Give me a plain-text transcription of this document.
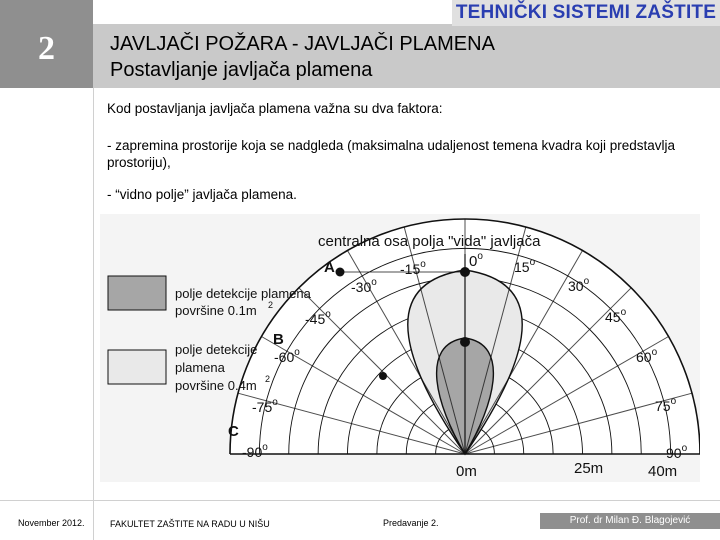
2
TEHNIČKI SISTEMI ZAŠTITE
JAVLJAČI POŽARA - JAVLJAČI PLAMENA
Postavljanje javljača plamena
Kod postavljanja javljača plamena važna su dva faktora:
- zapremina prostorije koja se nadgleda (maksimalna udaljenost temena kvadra koji predstavlja prostoriju),
- “vidno polje” javljača plamena.
centralna osa polja "vida" javljača
polje detekcije plamena
površine 0.1m 2
polje detekcije
plamena
površine 0.4m 2
A
B
C
0$^o$
-15$^o$	15$^o$
-30$^o$	30$^o$
-45$^o$	45$^o$
-60$^o$	60$^o$
-75$^o$	75$^o$
-90$^o$	90$^o$
0m	25m	40m
November 2012.	FAKULTET ZAŠTITE NA RADU U NIŠU	Predavanje 2.	Prof. dr Milan Đ. Blagojević
